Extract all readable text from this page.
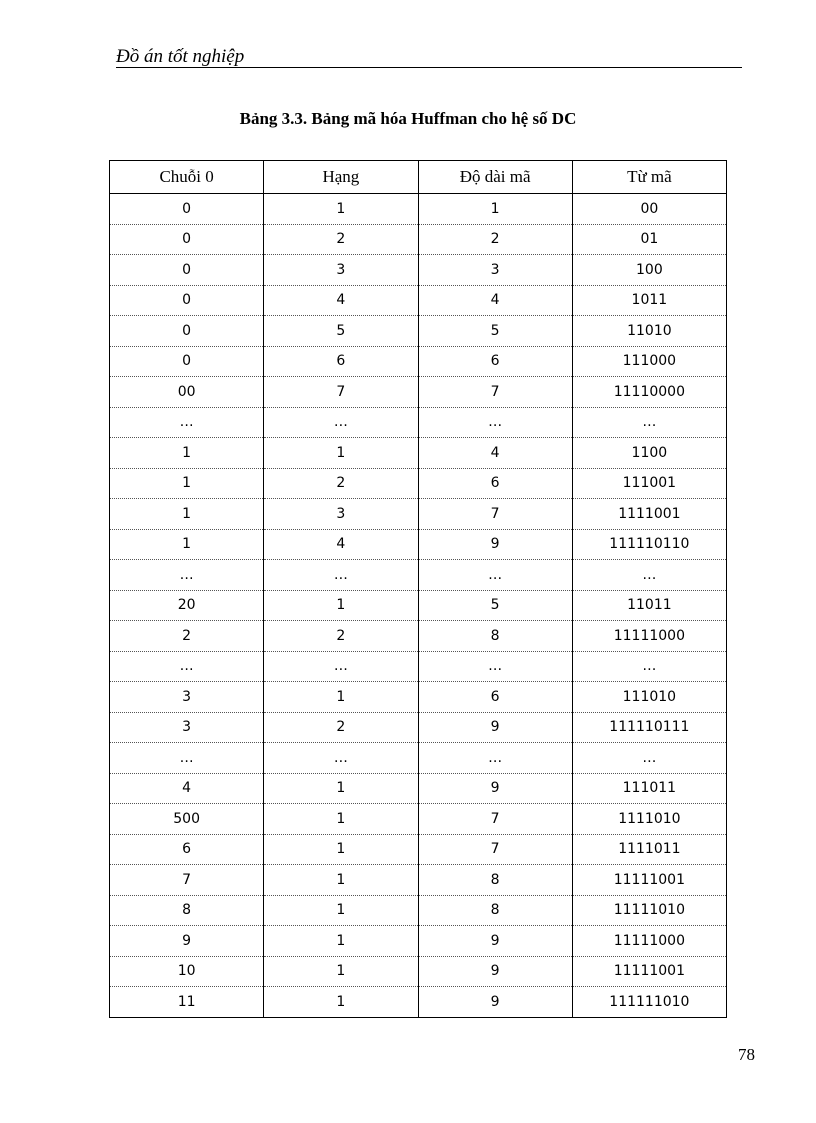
Đồ án tốt nghiệp
Bảng 3.3. Bảng mã hóa Huffman cho hệ số DC
Chuỗi 0	Hạng	Độ dài mã	Từ mã
0	1	1	00
0	2	2	01
0	3	3	100
0	4	4	1011
0	5	5	11010
0	6	6	111000
00	7	7	11110000
…	…	…	…
1	1	4	1100
1	2	6	111001
1	3	7	1111001
1	4	9	111110110
…	…	…	…
20	1	5	11011
2	2	8	11111000
…	…	…	…
3	1	6	111010
3	2	9	111110111
…	…	…	…
4	1	9	111011
500	1	7	1111010
6	1	7	1111011
7	1	8	11111001
8	1	8	11111010
9	1	9	11111000
10	1	9	11111001
11	1	9	111111010
78
